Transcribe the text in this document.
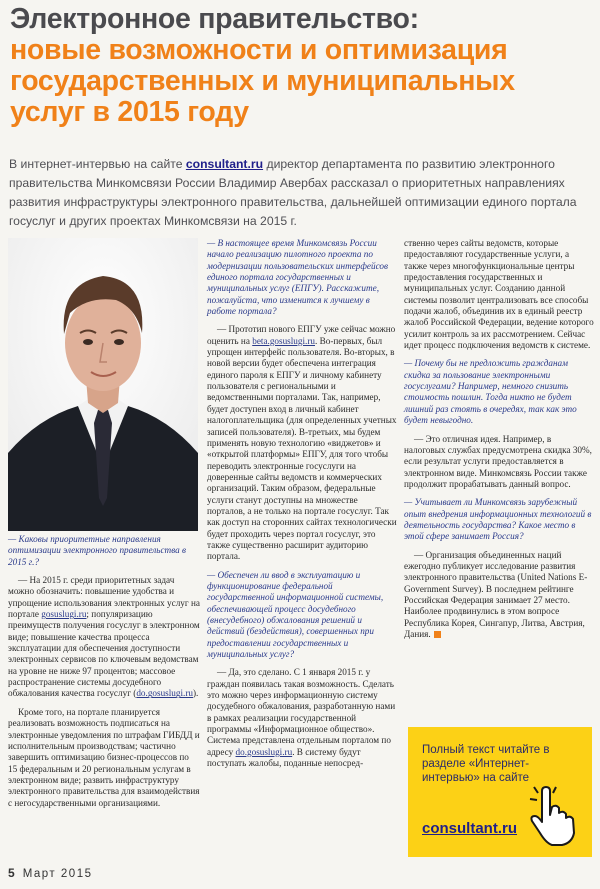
Электронное правительство:
новые возможности и оптимизация
государственных и муниципальных
услуг в 2015 году

В интернет-интервью на сайте consultant.ru директор департамента по развитию электронного правительства Минкомсвязи России Владимир Авербах рассказал о приоритетных направлениях развития инфраструктуры электронного правительства, дальнейшей оптимизации единого портала госуслуг и других проектах Минкомсвязи на 2015 г.

— Каковы приоритетные направления оптимизации электронного правительства в 2015 г.?

— На 2015 г. среди приоритетных задач можно обозначить: повышение удобства и упрощение использования электронных услуг на портале gosuslugi.ru; популяризацию преимуществ получения госуслуг в электронном виде; повышение качества процесса эксплуатации для обеспечения доступности электронных сервисов по ключевым ведомствам на уровне не ниже 97 процентов; массовое распространение системы досудебного обжалования качества госуслуг (do.gosuslugi.ru).

Кроме того, на портале планируется реализовать возможность подписаться на электронные уведомления по штрафам ГИБДД и исполнительным производствам; частично завершить оптимизацию бизнес-процессов по 15 федеральным и 20 региональным услугам в электронном виде; развить инфраструктуру электронного правительства для взаимодействия с негосударственными организациями.

— В настоящее время Минкомсвязь России начало реализацию пилотного проекта по модернизации пользовательских интерфейсов единого портала государственных и муниципальных услуг (ЕПГУ). Расскажите, пожалуйста, что изменится к лучшему в работе портала?

— Прототип нового ЕПГУ уже сейчас можно оценить на beta.gosuslugi.ru. Во-первых, был упрощен интерфейс пользователя. Во-вторых, в новой версии будет обеспечена интеграция единого пароля к ЕПГУ и личному кабинету пользователя с региональными и ведомственными порталами. Так, например, будет доступен вход в личный кабинет налогоплательщика (для определенных учетных записей пользователя). В-третьих, мы будем применять новую технологию «виджетов» и «открытой платформы» ЕПГУ, для того чтобы переводить электронные госуслуги на доверенные сайты ведомств и коммерческих организаций. Таким образом, федеральные услуги станут доступны на множестве порталов, а не только на портале госуслуг. Так как доступ на сторонних сайтах технологически будет проходить через портал госуслуг, это также существенно расширит аудиторию портала.

— Обеспечен ли ввод в эксплуатацию и функционирование федеральной государственной информационной системы, обеспечивающей процесс досудебного (внесудебного) обжалования решений и действий (бездействия), совершенных при предоставлении государственных и муниципальных услуг?

— Да, это сделано. С 1 января 2015 г. у граждан появилась такая возможность. Сделать это можно через информационную систему досудебного обжалования, разработанную нами в рамках реализации государственной программы «Информационное общество». Система представлена отдельным порталом по адресу do.gosuslugi.ru. В систему будут поступать жалобы, поданные непосред-

ственно через сайты ведомств, которые предоставляют государственные услуги, а также через многофункциональные центры предоставления государственных и муниципальных услуг. Созданию данной системы позволит централизовать все способы подачи жалоб, объединив их в единый реестр жалоб Российской Федерации, ведение которого усилит контроль за их рассмотрением. Сейчас идет процесс подключения ведомств к системе.

— Почему бы не предложить гражданам скидка за пользование электронными госуслугами? Например, немного снизить стоимость пошлин. Тогда никто не будет лишний раз стоять в очередях, так как это будет невыгодно.

— Это отличная идея. Например, в налоговых службах предусмотрена скидка 30%, если результат услуги предоставляется в электронном виде. Минкомсвязь России также продолжит прорабатывать данный вопрос.

— Учитывает ли Минкомсвязь зарубежный опыт внедрения информационных технологий в деятельность государства? Какое место в этой сфере занимает Россия?

— Организация объединенных наций ежегодно публикует исследование развития электронного правительства (United Nations E-Government Survey). В последнем рейтинге Российская Федерация занимает 27 место. Наиболее продвинулись в этом вопросе Республика Корея, Сингапур, Литва, Австрия, Дания.

Полный текст читайте в разделе «Интернет-интервью» на сайте
consultant.ru
5 Март 2015
